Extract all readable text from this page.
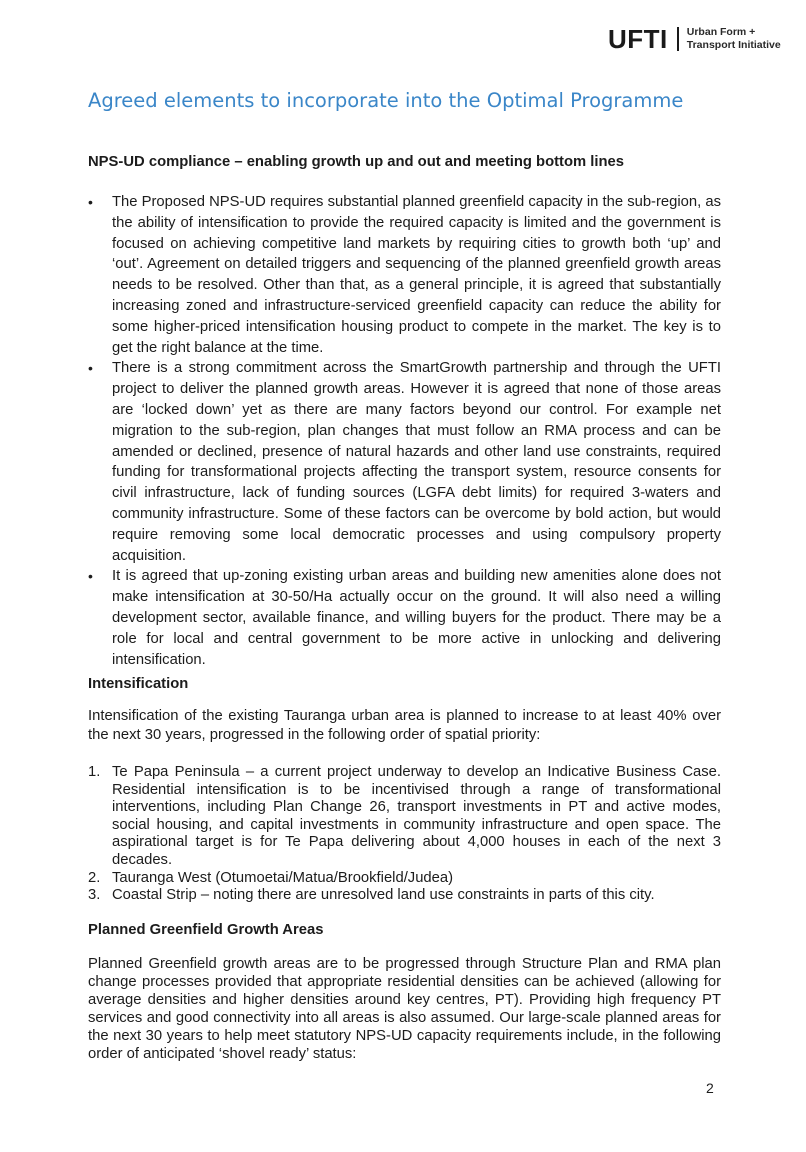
UFTI Urban Form +
Transport Initiative
Agreed elements to incorporate into the Optimal Programme
NPS-UD compliance – enabling growth up and out and meeting bottom lines
• The Proposed NPS-UD requires substantial planned greenfield capacity in the sub-region, as the ability of intensification to provide the required capacity is limited and the government is focused on achieving competitive land markets by requiring cities to growth both ‘up’ and ‘out’. Agreement on detailed triggers and sequencing of the planned greenfield growth areas needs to be resolved. Other than that, as a general principle, it is agreed that substantially increasing zoned and infrastructure-serviced greenfield capacity can reduce the ability for some higher-priced intensification housing product to compete in the market. The key is to get the right balance at the time.
• There is a strong commitment across the SmartGrowth partnership and through the UFTI project to deliver the planned growth areas. However it is agreed that none of those areas are ‘locked down’ yet as there are many factors beyond our control. For example net migration to the sub-region, plan changes that must follow an RMA process and can be amended or declined, presence of natural hazards and other land use constraints, required funding for transformational projects affecting the transport system, resource consents for civil infrastructure, lack of funding sources (LGFA debt limits) for required 3-waters and community infrastructure. Some of these factors can be overcome by bold action, but would require removing some local democratic processes and using compulsory property acquisition.
• It is agreed that up-zoning existing urban areas and building new amenities alone does not make intensification at 30-50/Ha actually occur on the ground. It will also need a willing development sector, available finance, and willing buyers for the product. There may be a role for local and central government to be more active in unlocking and delivering intensification.
Intensification

Intensification of the existing Tauranga urban area is planned to increase to at least 40% over the next 30 years, progressed in the following order of spatial priority:

1. Te Papa Peninsula – a current project underway to develop an Indicative Business Case. Residential intensification is to be incentivised through a range of transformational interventions, including Plan Change 26, transport investments in PT and active modes, social housing, and capital investments in community infrastructure and open space. The aspirational target is for Te Papa delivering about 4,000 houses in each of the next 3 decades.
2. Tauranga West (Otumoetai/Matua/Brookfield/Judea)
3. Coastal Strip – noting there are unresolved land use constraints in parts of this city.
Planned Greenfield Growth Areas

Planned Greenfield growth areas are to be progressed through Structure Plan and RMA plan change processes provided that appropriate residential densities can be achieved (allowing for average densities and higher densities around key centres, PT). Providing high frequency PT services and good connectivity into all areas is also assumed. Our large-scale planned areas for the next 30 years to help meet statutory NPS-UD capacity requirements include, in the following order of anticipated ‘shovel ready’ status:

2
